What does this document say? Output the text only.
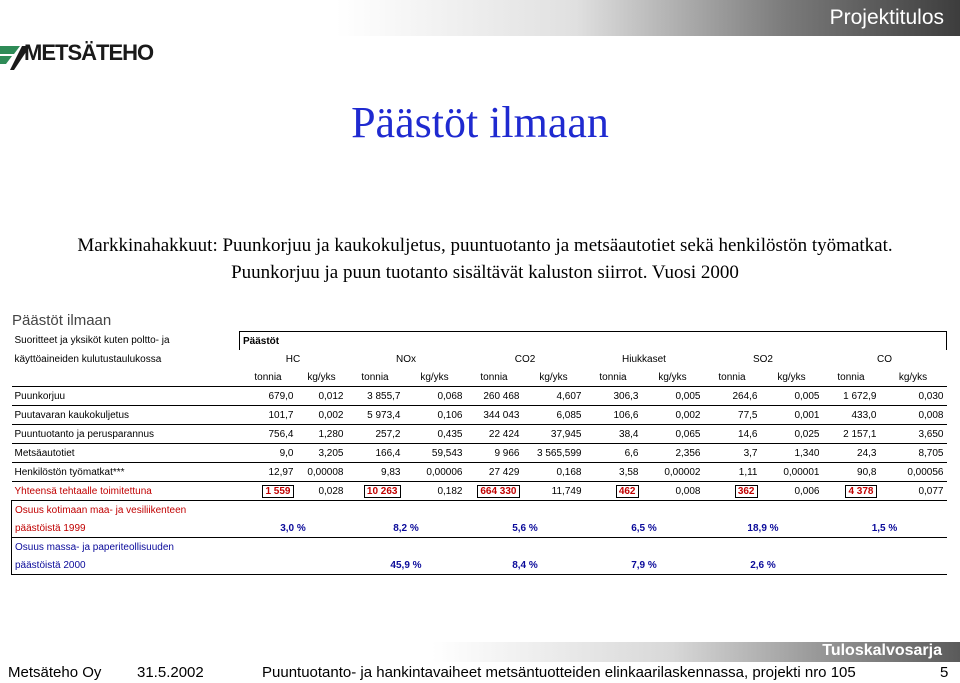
Projektitulos
METSÄTEHO
Päästöt ilmaan
Markkinahakkuut: Puunkorjuu ja kaukokuljetus, puuntuotanto ja metsäautotiet sekä henkilöstön työmatkat. Puunkorjuu ja puun tuotanto sisältävät kaluston siirrot. Vuosi 2000
Päästöt ilmaan
Suoritteet ja yksiköt kuten poltto- ja	Päästöt											
käyttöaineiden kulutustaulukossa	HC		NOx		CO2		Hiukkaset		SO2		CO	
	tonnia	kg/yks	tonnia	kg/yks	tonnia	kg/yks	tonnia	kg/yks	tonnia	kg/yks	tonnia	kg/yks
Puunkorjuu	679,0	0,012	3 855,7	0,068	260 468	4,607	306,3	0,005	264,6	0,005	1 672,9	0,030
Puutavaran kaukokuljetus	101,7	0,002	5 973,4	0,106	344 043	6,085	106,6	0,002	77,5	0,001	433,0	0,008
Puuntuotanto ja perusparannus	756,4	1,280	257,2	0,435	22 424	37,945	38,4	0,065	14,6	0,025	2 157,1	3,650
Metsäautotiet	9,0	3,205	166,4	59,543	9 966	3 565,599	6,6	2,356	3,7	1,340	24,3	8,705
Henkilöstön työmatkat***	12,97	0,00008	9,83	0,00006	27 429	0,168	3,58	0,00002	1,11	0,00001	90,8	0,00056
Yhteensä tehtaalle toimitettuna	1 559	0,028	10 263	0,182	664 330	11,749	462	0,008	362	0,006	4 378	0,077
Osuus kotimaan maa- ja vesiliikenteen												
päästöistä 1999	3,0 %		8,2 %		5,6 %		6,5 %		18,9 %		1,5 %	
Osuus massa- ja paperiteollisuuden												
päästöistä 2000			45,9 %		8,4 %		7,9 %		2,6 %			
Tuloskalvosarja
Metsäteho Oy 31.5.2002	Puuntuotanto- ja hankintavaiheet metsäntuotteiden elinkaarilaskennassa, projekti nro 105	5
